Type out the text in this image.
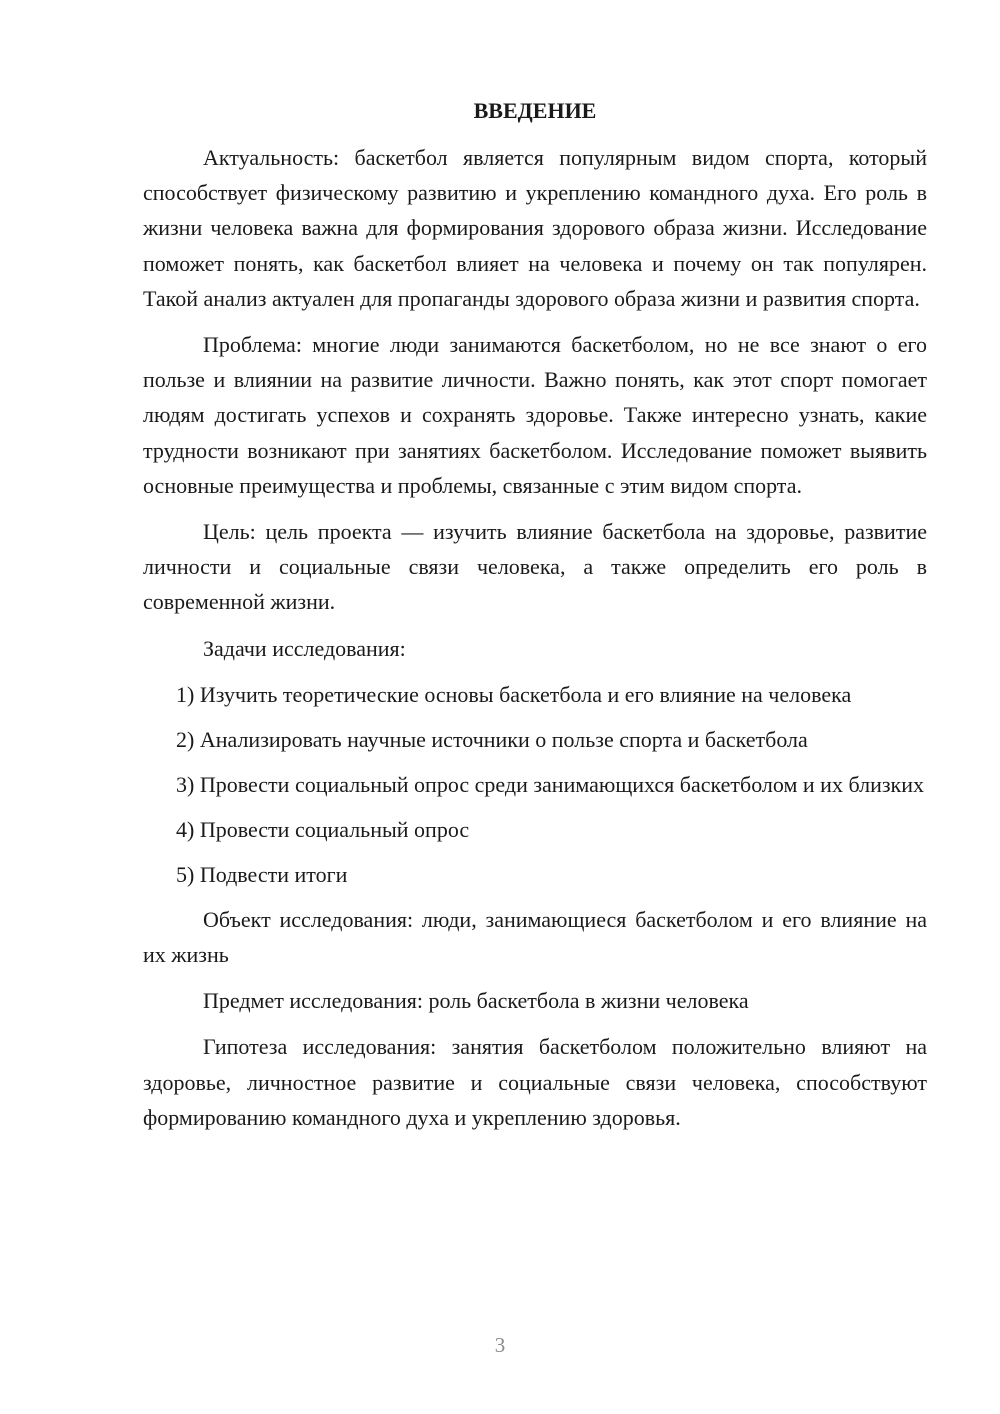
ВВЕДЕНИЕ

Актуальность: баскетбол является популярным видом спорта, который способствует физическому развитию и укреплению командного духа. Его роль в жизни человека важна для формирования здорового образа жизни. Исследование поможет понять, как баскетбол влияет на человека и почему он так популярен. Такой анализ актуален для пропаганды здорового образа жизни и развития спорта.

Проблема: многие люди занимаются баскетболом, но не все знают о его пользе и влиянии на развитие личности. Важно понять, как этот спорт помогает людям достигать успехов и сохранять здоровье. Также интересно узнать, какие трудности возникают при занятиях баскетболом. Исследование поможет выявить основные преимущества и проблемы, связанные с этим видом спорта.

Цель: цель проекта — изучить влияние баскетбола на здоровье, развитие личности и социальные связи человека, а также определить его роль в современной жизни.

Задачи исследования:

1) Изучить теоретические основы баскетбола и его влияние на человека

2) Анализировать научные источники о пользе спорта и баскетбола

3) Провести социальный опрос среди занимающихся баскетболом и их близких

4) Провести социальный опрос

5) Подвести итоги

Объект исследования: люди, занимающиеся баскетболом и его влияние на их жизнь

Предмет исследования: роль баскетбола в жизни человека

Гипотеза исследования: занятия баскетболом положительно влияют на здоровье, личностное развитие и социальные связи человека, способствуют формированию командного духа и укреплению здоровья.

3
